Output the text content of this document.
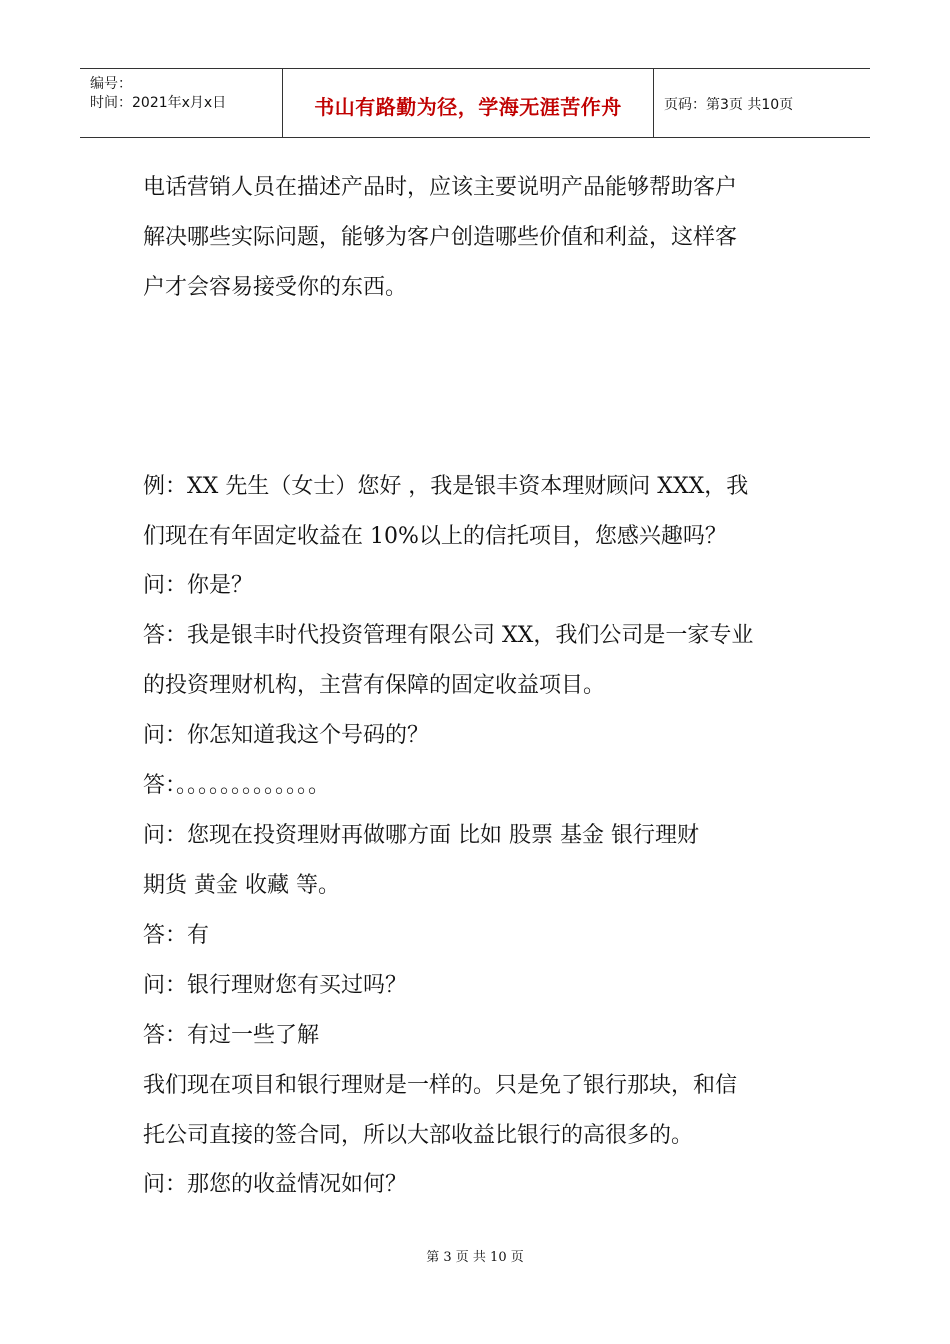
编号：
时间：2021年x月x日	书山有路勤为径，学海无涯苦作舟	页码：第3页 共10页
电话营销人员在描述产品时，应该主要说明产品能够帮助客户
解决哪些实际问题，能够为客户创造哪些价值和利益，这样客
户才会容易接受你的东西。
例：XX 先生（女士）您好 ，我是银丰资本理财顾问 XXX，我
们现在有年固定收益在 10%以上的信托项目，您感兴趣吗？
问：你是？
答：我是银丰时代投资管理有限公司 XX，我们公司是一家专业
的投资理财机构，主营有保障的固定收益项目。
问：你怎知道我这个号码的？
答：。。。。。。。。。。。。。
问：您现在投资理财再做哪方面 比如 股票 基金 银行理财
期货 黄金 收藏 等。
答：有
问：银行理财您有买过吗？
答：有过一些了解
我们现在项目和银行理财是一样的。只是免了银行那块，和信
托公司直接的签合同，所以大部收益比银行的高很多的。
问：那您的收益情况如何？
第 3 页 共 10 页
